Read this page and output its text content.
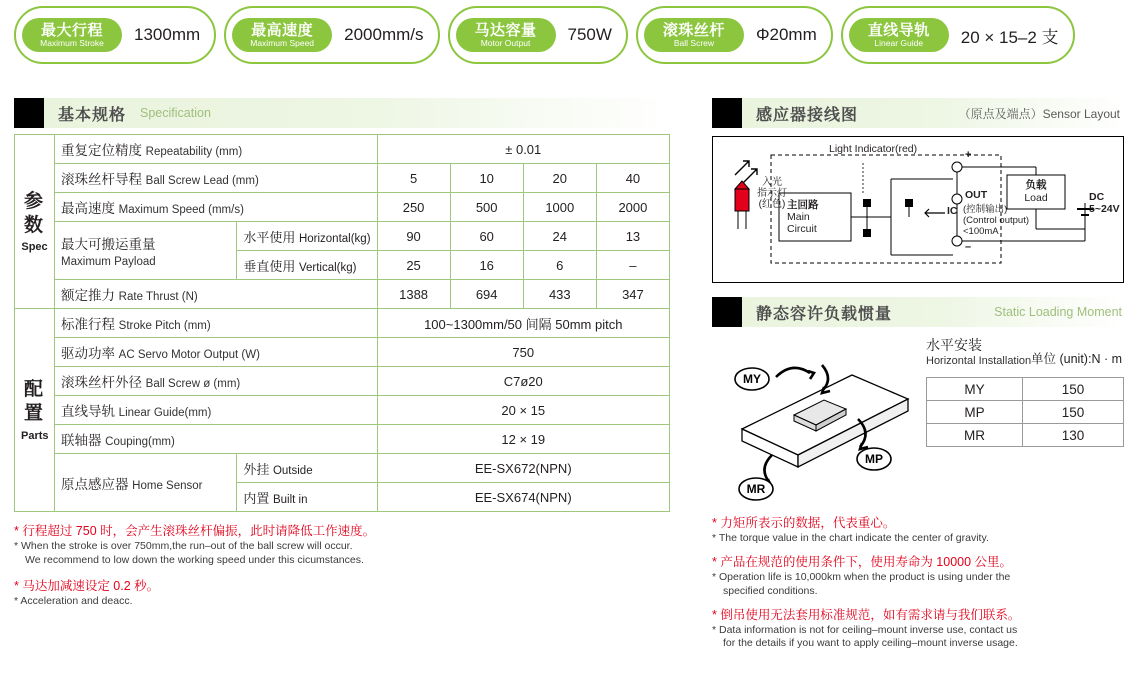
最大行程
Maximum Stroke	1300mm	最高速度
Maximum Speed	2000mm/s	马达容量
Motor Output	750W	滚珠丝杆
Ball Screw	Φ20mm	直线导轨
Linear Guide	20 × 15–2 支
基本规格 Specification
参数
Spec	重复定位精度 Repeatability (mm)		± 0.01			
	滚珠丝杆导程 Ball Screw Lead (mm)		5	10	20	40
	最高速度 Maximum Speed (mm/s)		250	500	1000	2000
	最大可搬运重量
Maximum Payload	水平使用 Horizontal(kg)	90	60	24	13
		垂直使用 Vertical(kg)	25	16	6	–
	额定推力 Rate Thrust (N)		1388	694	433	347

配置
Parts	标准行程 Stroke Pitch (mm)		100~1300mm/50 间隔 50mm pitch			
	驱动功率 AC Servo Motor Output (W)		750			
	滚珠丝杆外径 Ball Screw ø (mm)		C7ø20			
	直线导轨 Linear Guide(mm)		20 × 15			
	联轴器 Couping(mm)		12 × 19			
	原点感应器 Home Sensor	外挂 Outside	EE-SX672(NPN)			
		内置 Built in	EE-SX674(NPN)			

* 行程超过 750 时，会产生滚珠丝杆偏振，此时请降低工作速度。

* When the stroke is over 750mm,the run–out of the ball screw will occur.
We recommend to low down the working speed under this cicumstances.

* 马达加减速设定 0.2 秒。

* Acceleration and deacc.

感应器接线图	（原点及端点）Sensor Layout
Light Indicator(red)
入光
指示灯
(红色) 主回路
Main
Circuit
负载
Load
OUT
IC (控制输出)
(Control output)
<100mA
DC
5~24V
+
–
静态容许负载惯量	Static Loading Moment
MY
MP
MR
水平安装
Horizontal Installation 单位 (unit):N · m
MY	150
MP	150
MR	130

* 力矩所表示的数据，代表重心。

* The torque value in the chart indicate the center of gravity.

* 产品在规范的使用条件下，使用寿命为 10000 公里。

* Operation life is 10,000km when the product is using under the
specified conditions.

* 倒吊使用无法套用标准规范，如有需求请与我们联系。

* Data information is not for ceiling–mount inverse use, contact us
for the details if you want to apply ceiling–mount inverse usage.
